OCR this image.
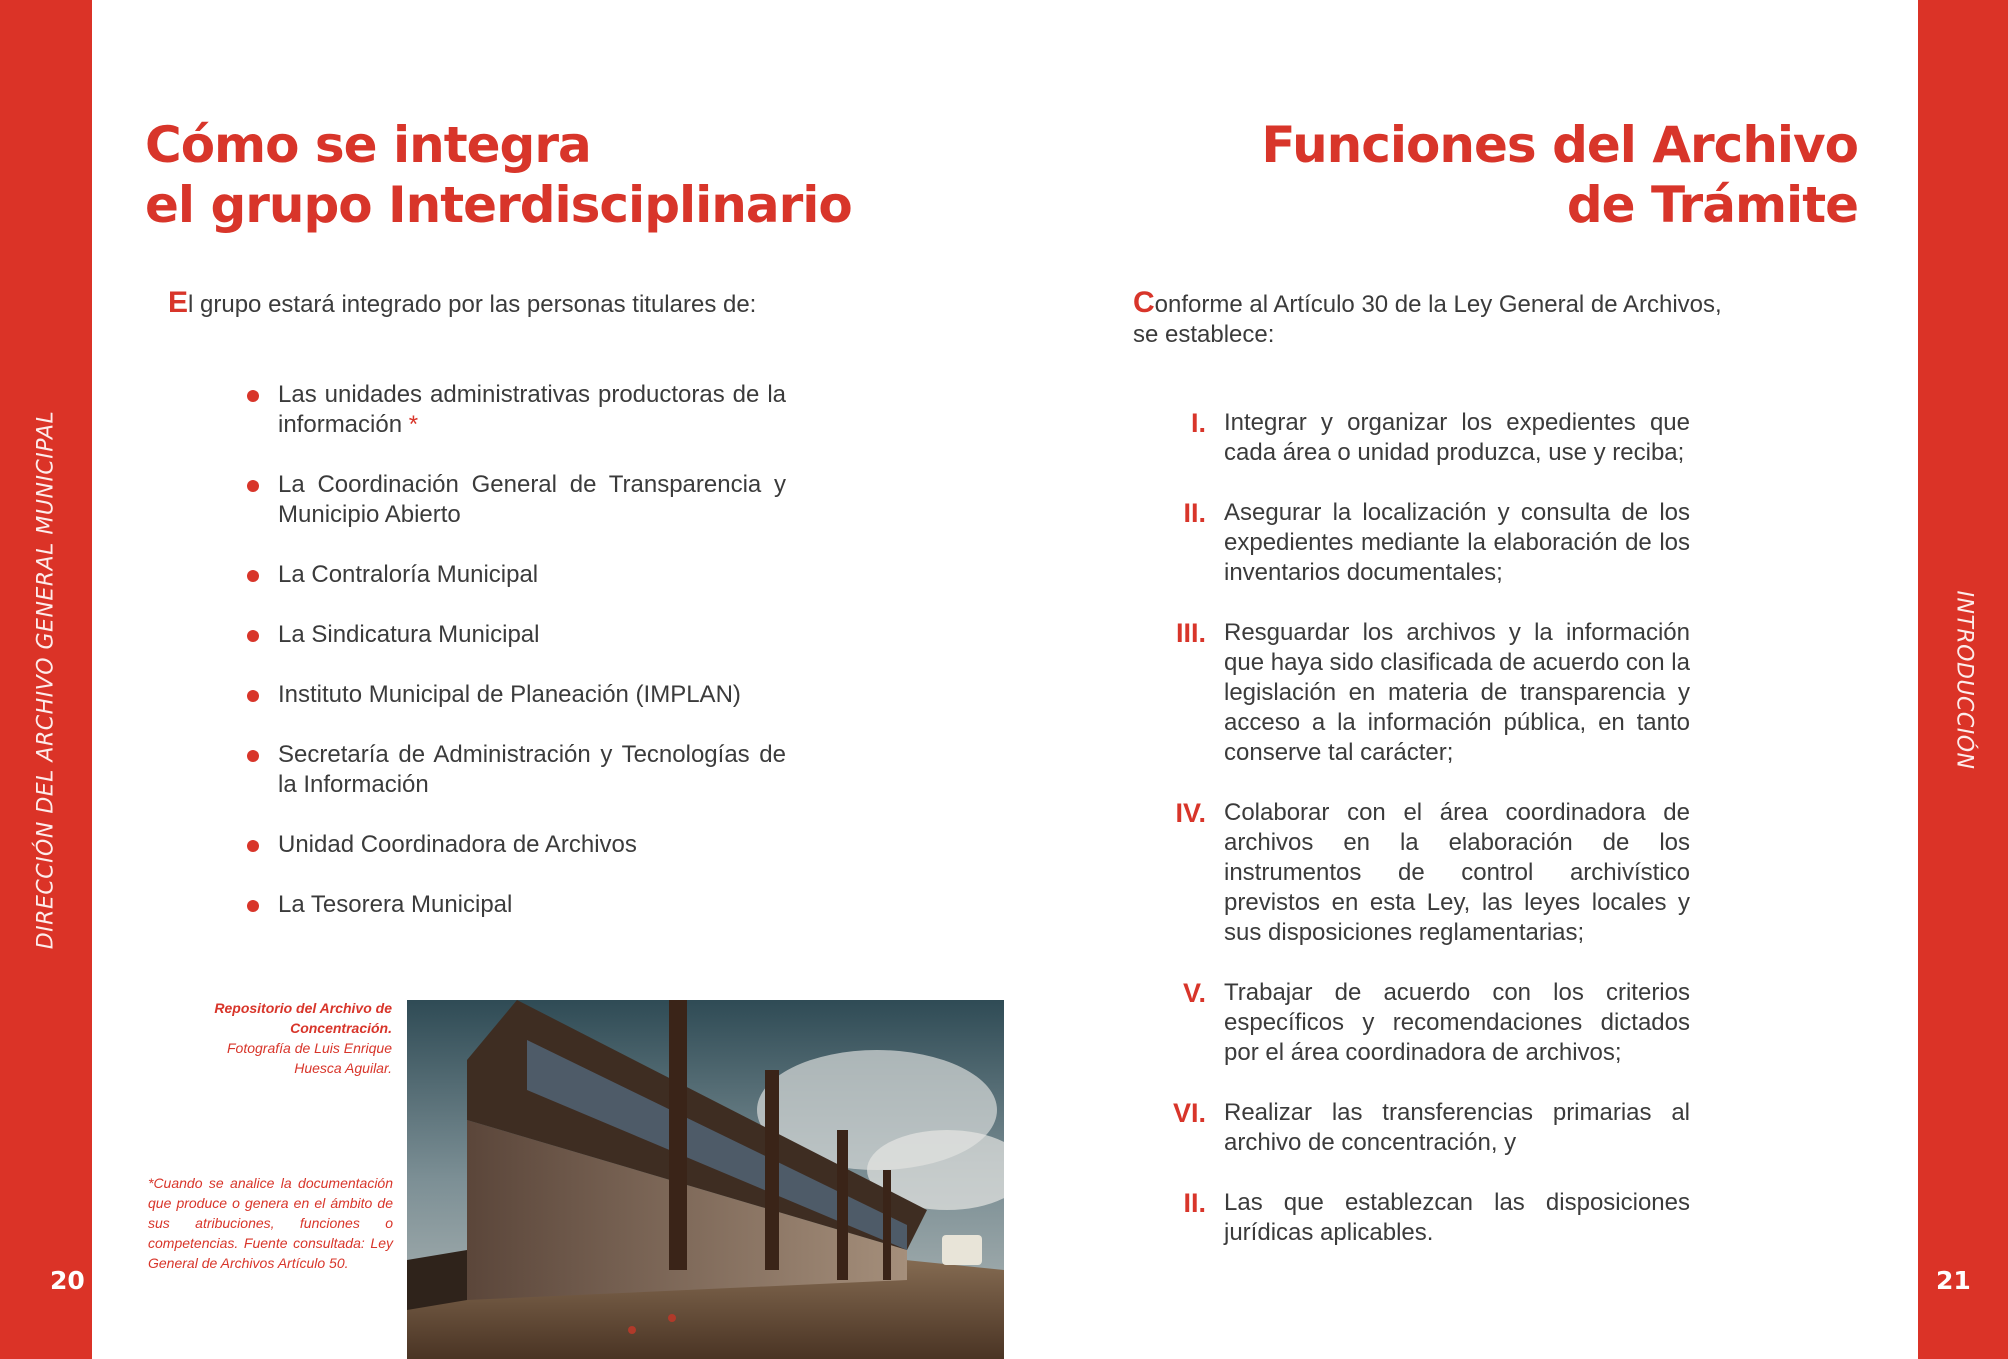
DIRECCIÓN DEL ARCHIVO GENERAL MUNICIPAL	INTRODUCCIÓN
20	21
Cómo se integra
el grupo Interdisciplinario
El grupo estará integrado por las personas titulares de:
Las unidades administrativas productoras de la información *
La Coordinación General de Transparencia y Municipio Abierto
La Contraloría Municipal
La Sindicatura Municipal
Instituto Municipal de Planeación (IMPLAN)
Secretaría de Administración y Tecnologías de la Información
Unidad Coordinadora de Archivos
La Tesorera Municipal
Repositorio del Archivo de Concentración.
Fotografía de Luis Enrique Huesca Aguilar.
*Cuando se analice la documentación que produce o genera en el ámbito de sus atribuciones, funciones o competencias. Fuente consultada: Ley General de Archivos Artículo 50.
Funciones del Archivo
de Trámite
Conforme al Artículo 30 de la Ley General de Archivos, se establece:
I. Integrar y organizar los expedientes que cada área o unidad produzca, use y reciba;
II. Asegurar la localización y consulta de los expedientes mediante la elaboración de los inventarios documentales;
III. Resguardar los archivos y la información que haya sido clasificada de acuerdo con la legislación en materia de transparencia y acceso a la información pública, en tanto conserve tal carácter;
IV. Colaborar con el área coordinadora de archivos en la elaboración de los instrumentos de control archivístico previstos en esta Ley, las leyes locales y sus disposiciones reglamentarias;
V. Trabajar de acuerdo con los criterios específicos y recomendaciones dictados por el área coordinadora de archivos;
VI. Realizar las transferencias primarias al archivo de concentración, y
II. Las que establezcan las disposiciones jurídicas aplicables.
